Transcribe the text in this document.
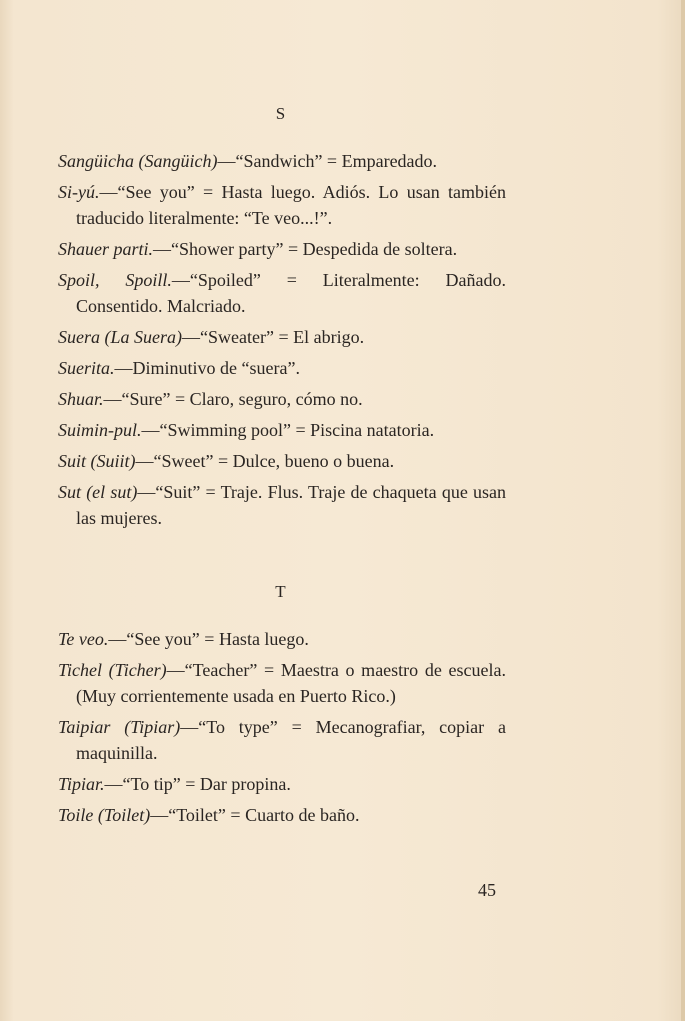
S
Sangüicha (Sangüich)—“Sandwich” = Emparedado.
Si-yú.—“See you” = Hasta luego. Adiós. Lo usan también traducido literalmente: “Te veo...!”.
Shauer parti.—“Shower party” = Despedida de soltera.
Spoil, Spoill.—“Spoiled” = Literalmente: Dañado. Consentido. Malcriado.
Suera (La Suera)—“Sweater” = El abrigo.
Suerita.—Diminutivo de “suera”.
Shuar.—“Sure” = Claro, seguro, cómo no.
Suimin-pul.—“Swimming pool” = Piscina natatoria.
Suit (Suiit)—“Sweet” = Dulce, bueno o buena.
Sut (el sut)—“Suit” = Traje. Flus. Traje de chaqueta que usan las mujeres.
T
Te veo.—“See you” = Hasta luego.
Tichel (Ticher)—“Teacher” = Maestra o maestro de escuela. (Muy corrientemente usada en Puerto Rico.)
Taipiar (Tipiar)—“To type” = Mecanografiar, copiar a maquinilla.
Tipiar.—“To tip” = Dar propina.
Toile (Toilet)—“Toilet” = Cuarto de baño.
45
